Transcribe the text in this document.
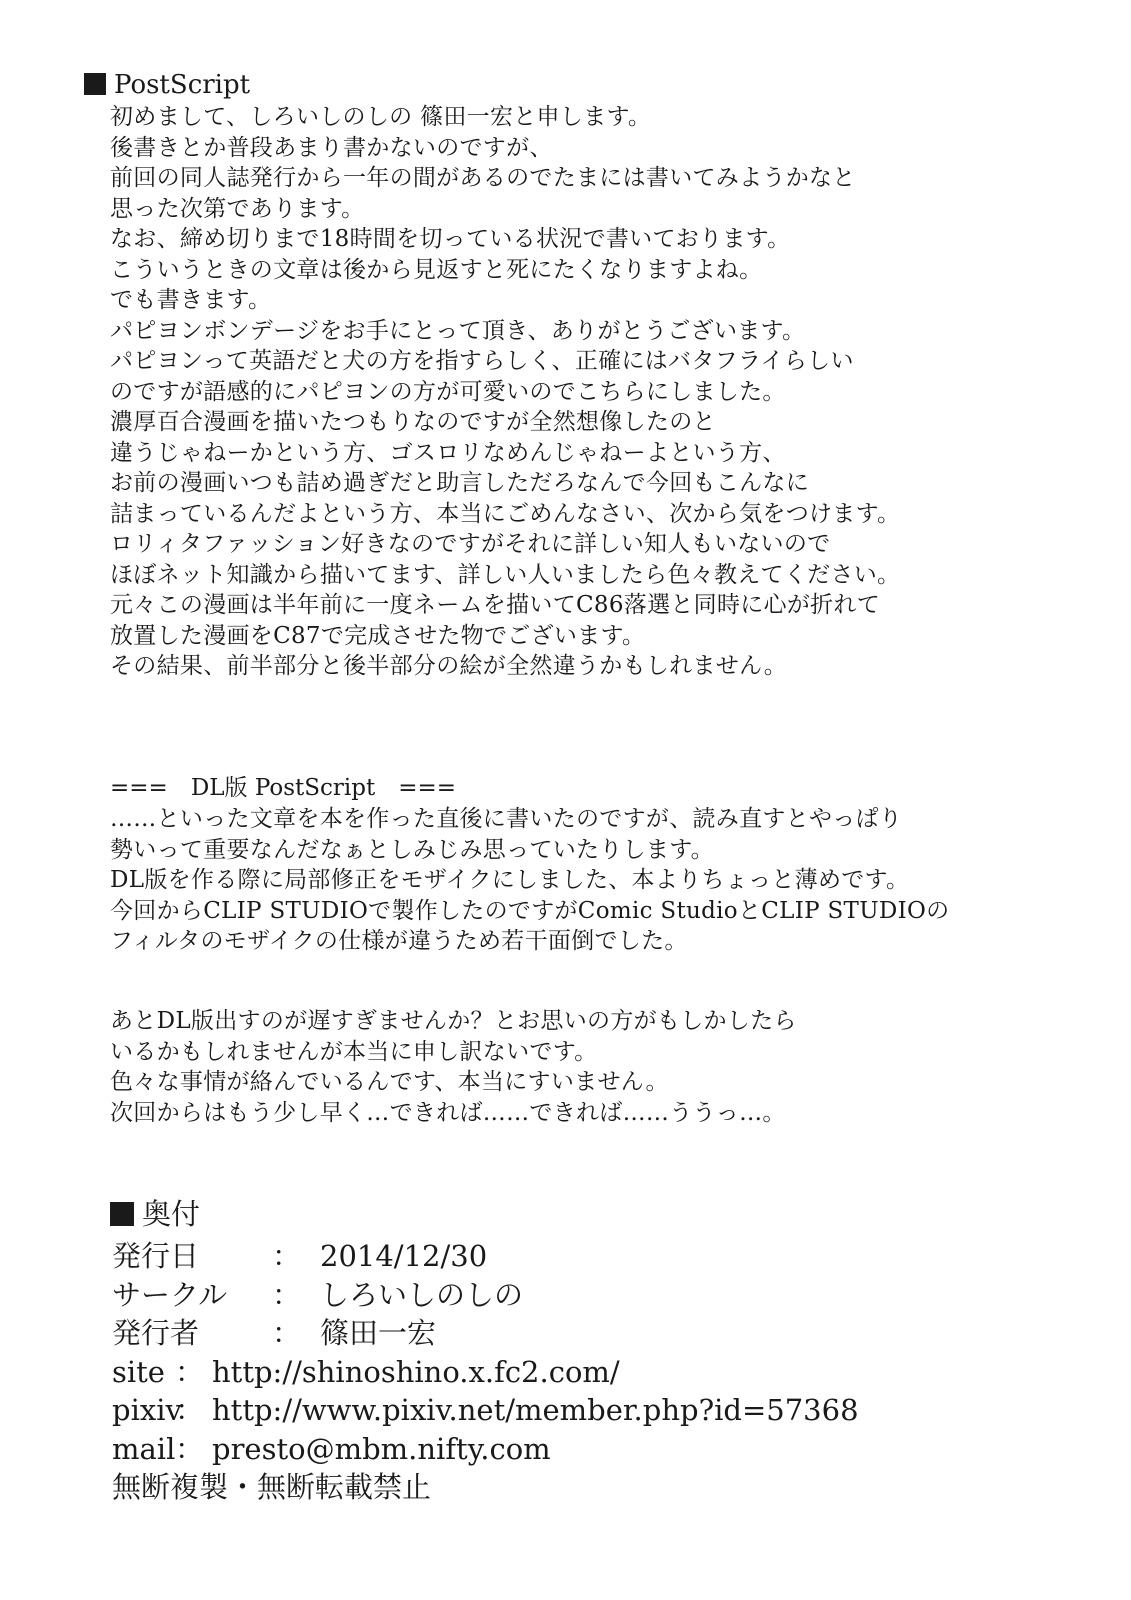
PostScript
初めまして、しろいしのしの 篠田一宏と申します。
後書きとか普段あまり書かないのですが、
前回の同人誌発行から一年の間があるのでたまには書いてみようかなと
思った次第であります。
なお、締め切りまで18時間を切っている状況で書いております。
こういうときの文章は後から見返すと死にたくなりますよね。
でも書きます。
パピヨンボンデージをお手にとって頂き、ありがとうございます。
パピヨンって英語だと犬の方を指すらしく、正確にはバタフライらしい
のですが語感的にパピヨンの方が可愛いのでこちらにしました。
濃厚百合漫画を描いたつもりなのですが全然想像したのと
違うじゃねーかという方、ゴスロリなめんじゃねーよという方、
お前の漫画いつも詰め過ぎだと助言しただろなんで今回もこんなに
詰まっているんだよという方、本当にごめんなさい、次から気をつけます。
ロリィタファッション好きなのですがそれに詳しい知人もいないので
ほぼネット知識から描いてます、詳しい人いましたら色々教えてください。
元々この漫画は半年前に一度ネームを描いてC86落選と同時に心が折れて
放置した漫画をC87で完成させた物でございます。
その結果、前半部分と後半部分の絵が全然違うかもしれません。
===　DL版 PostScript　===
……といった文章を本を作った直後に書いたのですが、読み直すとやっぱり
勢いって重要なんだなぁとしみじみ思っていたりします。
DL版を作る際に局部修正をモザイクにしました、本よりちょっと薄めです。
今回からCLIP STUDIOで製作したのですがComic StudioとCLIP STUDIOの
フィルタのモザイクの仕様が違うため若干面倒でした。
あとDL版出すのが遅すぎませんか？とお思いの方がもしかしたら
いるかもしれませんが本当に申し訳ないです。
色々な事情が絡んでいるんです、本当にすいません。
次回からはもう少し早く…できれば……できれば……ううっ…。
奥付
発行日	： 2014/12/30
サークル ： しろいしのしの
発行者	： 篠田一宏
site ： http://shinoshino.x.fc2.com/
pixiv
： http://www.pixiv.net/member.php?id=57368
mail ： presto@mbm.nifty.com
無断複製・無断転載禁止
